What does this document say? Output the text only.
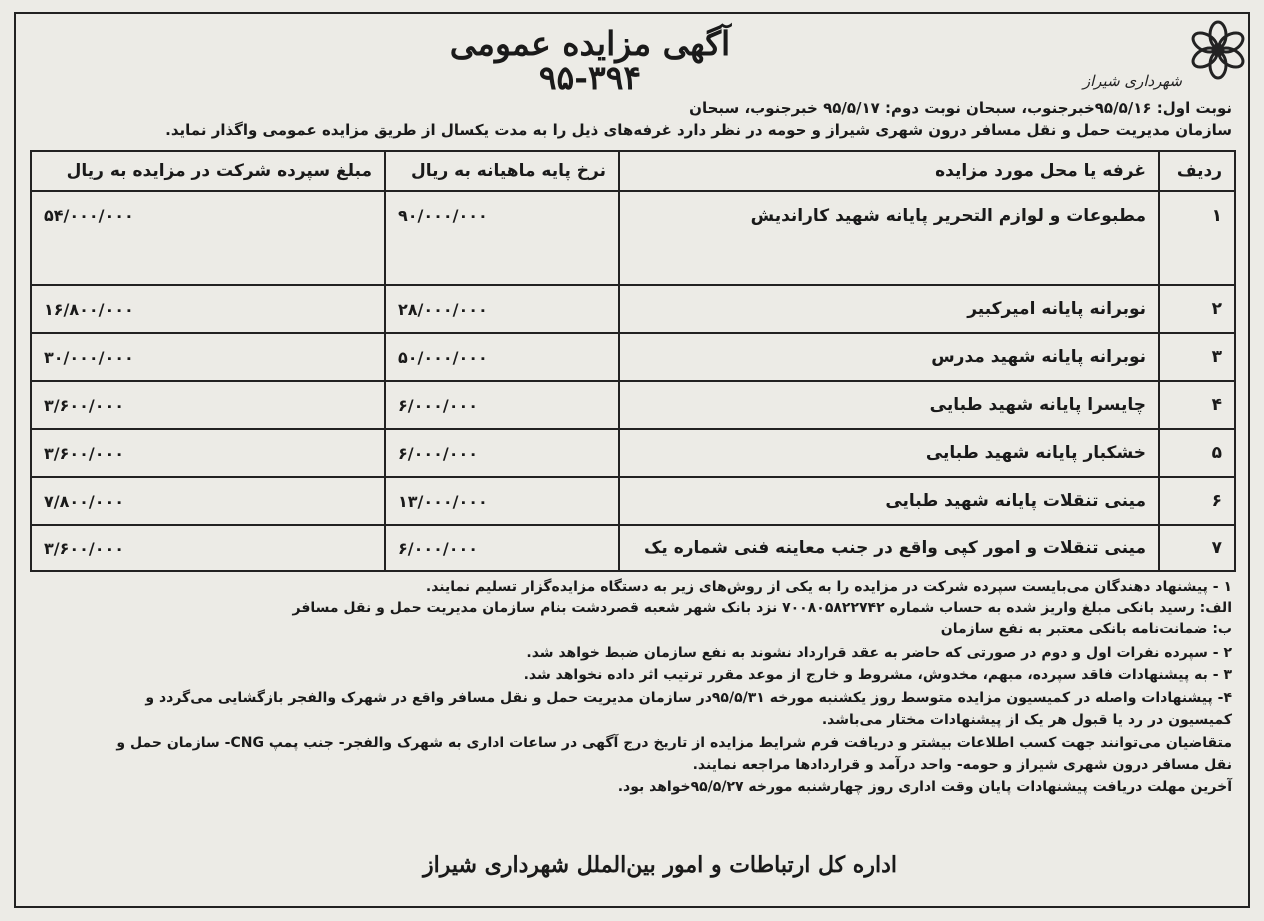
شهرداری شیراز
آگهی مزایده عمومی
۹۵-۳۹۴
نوبت اول: ۹۵/۵/۱۶خبرجنوب، سبحان نوبت دوم: ۹۵/۵/۱۷ خبرجنوب، سبحان
سازمان مدیریت حمل و نقل مسافر درون شهری شیراز و حومه در نظر دارد غرفه‌های ذیل را به مدت یکسال از طریق مزایده عمومی واگذار نماید.
ردیف	غرفه یا محل مورد مزایده	نرخ پایه ماهیانه به ریال	مبلغ سپرده شرکت در مزایده به ریال
۱	مطبوعات و لوازم التحریر پایانه شهید کاراندیش	۹۰/۰۰۰/۰۰۰	۵۴/۰۰۰/۰۰۰
۲	نوبرانه پایانه امیرکبیر	۲۸/۰۰۰/۰۰۰	۱۶/۸۰۰/۰۰۰
۳	نوبرانه پایانه شهید مدرس	۵۰/۰۰۰/۰۰۰	۳۰/۰۰۰/۰۰۰
۴	چایسرا پایانه شهید طبایی	۶/۰۰۰/۰۰۰	۳/۶۰۰/۰۰۰
۵	خشکبار پایانه شهید طبایی	۶/۰۰۰/۰۰۰	۳/۶۰۰/۰۰۰
۶	مینی تنقلات پایانه شهید طبایی	۱۳/۰۰۰/۰۰۰	۷/۸۰۰/۰۰۰
۷	مینی تنقلات و امور کپی واقع در جنب معاینه فنی شماره یک	۶/۰۰۰/۰۰۰	۳/۶۰۰/۰۰۰
۱ - پیشنهاد دهندگان می‌بایست سپرده شرکت در مزایده را به یکی از روش‌های زیر به دستگاه مزایده‌گزار تسلیم نمایند.
الف: رسید بانکی مبلغ واریز شده به حساب شماره ۷۰۰۸۰۵۸۲۲۷۴۲ نزد بانک شهر شعبه قصردشت بنام سازمان مدیریت حمل و نقل مسافر
ب: ضمانت‌نامه بانکی معتبر به نفع سازمان
۲ - سپرده نفرات اول و دوم در صورتی که حاضر به عقد قرارداد نشوند به نفع سازمان ضبط خواهد شد.
۳ - به پیشنهادات فاقد سپرده، مبهم، مخدوش، مشروط و خارج از موعد مقرر ترتیب اثر داده نخواهد شد.
۴- پیشنهادات واصله در کمیسیون مزایده متوسط روز یکشنبه مورخه ۹۵/۵/۳۱در سازمان مدیریت حمل و نقل مسافر واقع در شهرک والفجر بازگشایی می‌گردد و
کمیسیون در رد یا قبول هر یک از پیشنهادات مختار می‌باشد.
متقاضیان می‌توانند جهت کسب اطلاعات بیشتر و دریافت فرم شرایط مزایده از تاریخ درج آگهی در ساعات اداری به شهرک والفجر- جنب پمپ CNG- سازمان حمل و
نقل مسافر درون شهری شیراز و حومه- واحد درآمد و قراردادها مراجعه نمایند.
آخرین مهلت دریافت پیشنهادات پایان وقت اداری روز چهارشنبه مورخه ۹۵/۵/۲۷خواهد بود.
اداره کل ارتباطات و امور بین‌الملل شهرداری شیراز
